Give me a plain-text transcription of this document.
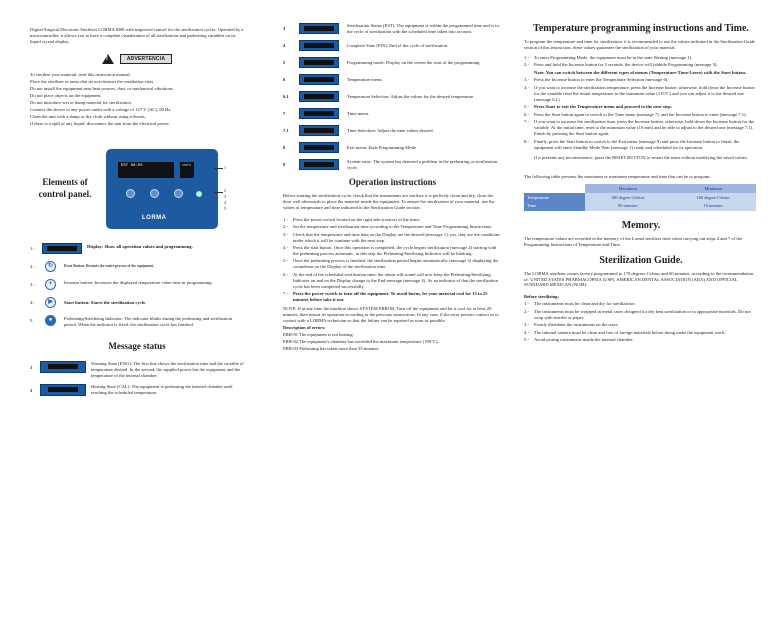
Digital Surgical Electronic Sterilizer LORMA M08 with improved control for the sterilization cycles. Operated by a microcontroller, it allows you to have a complete visualization of all sterilization and preheating variables on its liquid crystal display.

!	ADVERTENCIA

To sterilize your material, read this instruction manual.

Place the sterilizer in areas that do not obstruct the ventilation slots.

Do not install the equipment near heat sources, dust, or mechanical vibrations.

Do not place objects on the equipment.

Do not introduce wet or damp material for sterilization.

Connect the device to any power outlet with a voltage of 127 V (AC), 60 Hz.

Clean the unit with a damp or dry cloth without using solvents.

If there is a spill of any liquid, disconnect the unit from the electrical power.

Elements of control panel.
EST 60:00	170°C
LORMA
1
2
3
4
5
1.-	Display: Show all operation values and programming.
2.-	↻	Reset Button: Restarts the entire process of the equipment.
3.-	+	Increase button: Increases the displayed temperature value time in programming.
4.-	▶	Start button: Starts the sterilization cycle.
5.	●	Preheating/Sterilizing Indicator: The indicator blinks during the preheating and sterilization period. When the indicator is fixed, the sterilization cycle has finished.
Message status
1
Warning State (ENG): The first line shows the sterilization time and the variable of temperature desired. In the second, the supplied power but the equipment and the temperature of the internal chamber.
2
Heating State (CAL): The equipment is preheating the internal chamber until reaching the scheduled temperature.
3
Sterilization Status (EST): The equipment is within the programmed time and is in the cycle of sterilization with the scheduled time taken into account.
4	Complete State (FIN): End of the cycle of sterilization.
5	Programming mode: Display on the screen the start of the programming.
6	Temperature menu.
6.1	Temperature Selection: Adjust the values for the desired temperature.
7	Time menu.
7.1	Time Selection: Adjust the time values desired.
8	Exit menu: Ends Programming Mode
9
System error: The system has detected a problem in the preheating or sterilization cycle.
Operation instructions

Before starting the sterilization cycle, check that the instruments are sterilize it is perfectly clean and dry, close the door well afterwards to place the material inside the equipment. To ensure the sterilization of your material, use the values of temperature and time indicated in the Sterilization Guide section.

1.-	Press the power switch located on the right side (rotator) of the team.
2.-	Set the temperature and sterilization time according to the Temperature and Time Programming Instructions.
3.-	Check that the temperature and time data on the Display are the desired (message 1), yes, they are the conditions under which it will be continue with the next step.
4.-	Press the start button. Once this operation is completed, the cycle begins sterilization (message 2) starting with the preheating process automatic, in this step the Preheating/Sterilizing Indicator will be blinking.
5.-	Once the preheating process is finished, the sterilization period begins automatically (message 3) displaying the countdown on the Display of the sterilization time.
6.-	At the end of the scheduled sterilization time, the alarm will sound will now keep the Preheating/Sterilizing Indicator on and on the Display change to the End message (message 4). As an indicator of that the sterilization cycle has been completed successfully.
7.-	Press the power switch to turn off the equipment. To avoid burns, let your material cool for 15 to 25 minutes before take it out.

NOTE: If at any time the machine shows SYSTEM ERROR, Turn off the equipment and let it cool for at least 20 minutes, then restart its operation according to the previous instructions. In any case, if the error persists contact us to contact with a LORMA technician so that the failure can be repaired as soon as possible.

Description of errors:

ERR-01 The equipment is not heating.

ERR-02 The equipment's chamber has exceeded the maximum temperature (190°C).

ERR-03 Preheating has taken more than 35 minutes.

Temperature programming instructions and Time.

To program the temperature and time for sterilization, it is recommended to use the values indicated in the Sterilization Guide section of this instruction, these values guarantee the sterilization of your material.

1.-	To enter Programming Mode, the equipment must be in the state Waiting (message 1).
2.-	Press and hold the Increase button for 3 seconds, the device will (ahhide Programming (message 5).
Note: You can switch between the different types of menus (Temperature-Time-Leave) with the Start button.
3.-	Press the Increase button to enter the Temperature Selection (message 6).
4.-	If you want to increase the sterilization temperature, press the Increase button. otherwise, hold down the Increase button for the variable reset the initial temperature to the minimum value (115°C) and you can adjust it to the desired one (message 6.1).
5.-	Press Start to exit the Temperature menu and proceed to the next step.
6.-	Press the Start button again to switch to the Time menu (message 7). and the Increase button to enter (message 7.1).
7.-	If you want to increase the sterilization time, press the Increase button. otherwise, hold down the Increase button for the variable. At the initial time, reset to the minimum value (10 min) and be able to adjust to the desired one (message 7.1). Finish by pressing the Start button again.
8.-	Finally, press the Start button to switch to the Exit menu (message 8) and press the Increase button to finish, the equipment will enter Standby Mode Wait (message 1) ready and scheduled for its operation.

If it presents any inconvenience, press the RESET BUTTON to restart the team without modifying the saved values.

The following table presents the maximum or minimum temperature and time that can be to program.

	Maximum	Minimum
Temperature	180 degree Celsius	160 degree Celsius
Time	90 minutes	10 minutes
Memory.

The temperature values are recorded in the memory of the Lorma sterilizer time when carrying out steps 4 and 7 of the Programming Instructions of Temperature and Time.

Sterilization Guide.

The LORMA sterilizer comes factory programmed to 170 degrees Celsius and 60 minutes, according to the recommendation of: UNITED STATES PHARMACOPEIA (USP), AMERICAN DENTAL ASSOCIATION (ADA) AND OFFICIAL STANDARD MEXICAN (NOM).

Before sterilizing:

1.-	The instruments must be clean and dry for sterilization.
2.-	The instruments must be wrapped in metal cases designed for dry heat sterilization or in appropriate materials. Do not wrap with textiles or paper.
3.-	Evenly distribute the instruments on the trays.
4.-	The internal camera must be clean and free of foreign materials before doing make the equipment work.
5.-	Avoid storing instruments inside the internal chamber.
